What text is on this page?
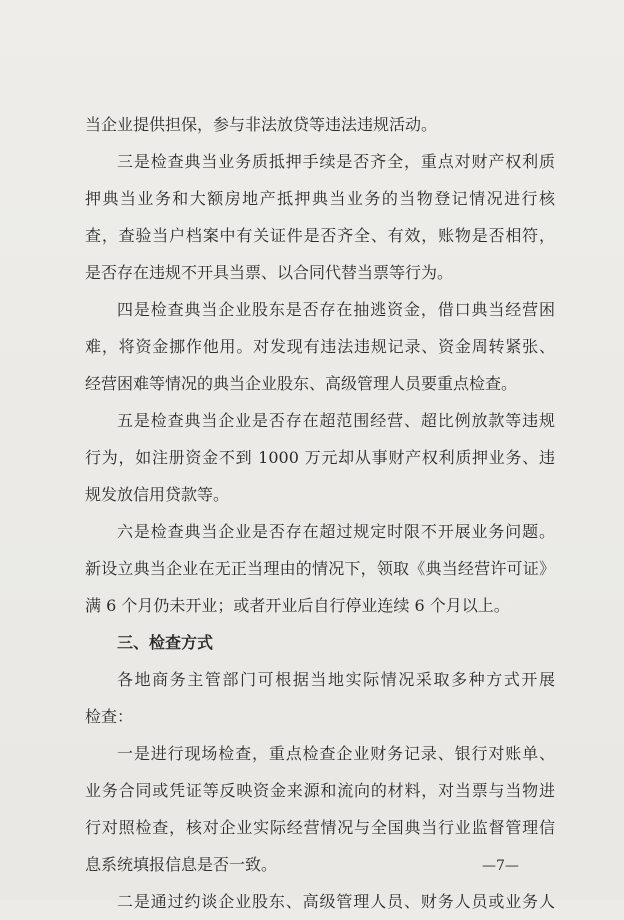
当企业提供担保，参与非法放贷等违法违规活动。
三是检查典当业务质抵押手续是否齐全，重点对财产权利质
押典当业务和大额房地产抵押典当业务的当物登记情况进行核
查，查验当户档案中有关证件是否齐全、有效，账物是否相符，
是否存在违规不开具当票、以合同代替当票等行为。
四是检查典当企业股东是否存在抽逃资金，借口典当经营困
难，将资金挪作他用。对发现有违法违规记录、资金周转紧张、
经营困难等情况的典当企业股东、高级管理人员要重点检查。
五是检查典当企业是否存在超范围经营、超比例放款等违规
行为，如注册资金不到 1000 万元却从事财产权利质押业务、违
规发放信用贷款等。
六是检查典当企业是否存在超过规定时限不开展业务问题。
新设立典当企业在无正当理由的情况下，领取《典当经营许可证》
满 6 个月仍未开业；或者开业后自行停业连续 6 个月以上。
三、检查方式
各地商务主管部门可根据当地实际情况采取多种方式开展
检查：
一是进行现场检查，重点检查企业财务记录、银行对账单、
业务合同或凭证等反映资金来源和流向的材料，对当票与当物进
行对照检查，核对企业实际经营情况与全国典当行业监督管理信
息系统填报信息是否一致。
二是通过约谈企业股东、高级管理人员、财务人员或业务人
—7—
